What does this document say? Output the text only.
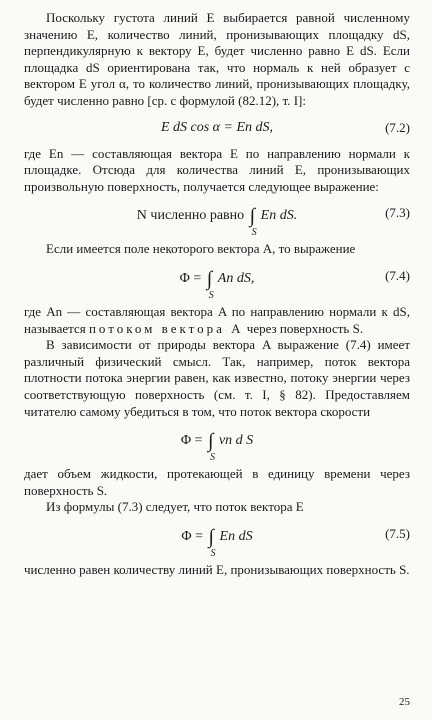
Поскольку густота линий E выбирается равной численному значению E, количество линий, пронизывающих площадку dS, перпендикулярную к вектору E, будет численно равно E dS. Если площадка dS ориентирована так, что нормаль к ней образует с вектором E угол α, то количество линий, пронизывающих площадку, будет численно равно [ср. с формулой (82.12), т. I]:

E dS cos α = En dS,	(7.2)

где En — составляющая вектора E по направлению нормали к площадке. Отсюда для количества линий E, пронизывающих произвольную поверхность, получается следующее выражение:

N численно равно ∫
S
En dS.	(7.3)

Если имеется поле некоторого вектора A, то выражение

Φ = ∫
S
An dS,	(7.4)

где An — составляющая вектора A по направлению нормали к dS, называется потоком вектора A через поверхность S.

В зависимости от природы вектора A выражение (7.4) имеет различный физический смысл. Так, например, поток вектора плотности потока энергии равен, как известно, потоку энергии через соответствующую поверхность (см. т. I, § 82). Предоставляем читателю самому убедиться в том, что поток вектора скорости

Φ = ∫
S
vn d S

дает объем жидкости, протекающей в единицу времени через поверхность S.

Из формулы (7.3) следует, что поток вектора E

Φ = ∫
S
En dS	(7.5)

численно равен количеству линий E, пронизывающих поверхность S.

25
